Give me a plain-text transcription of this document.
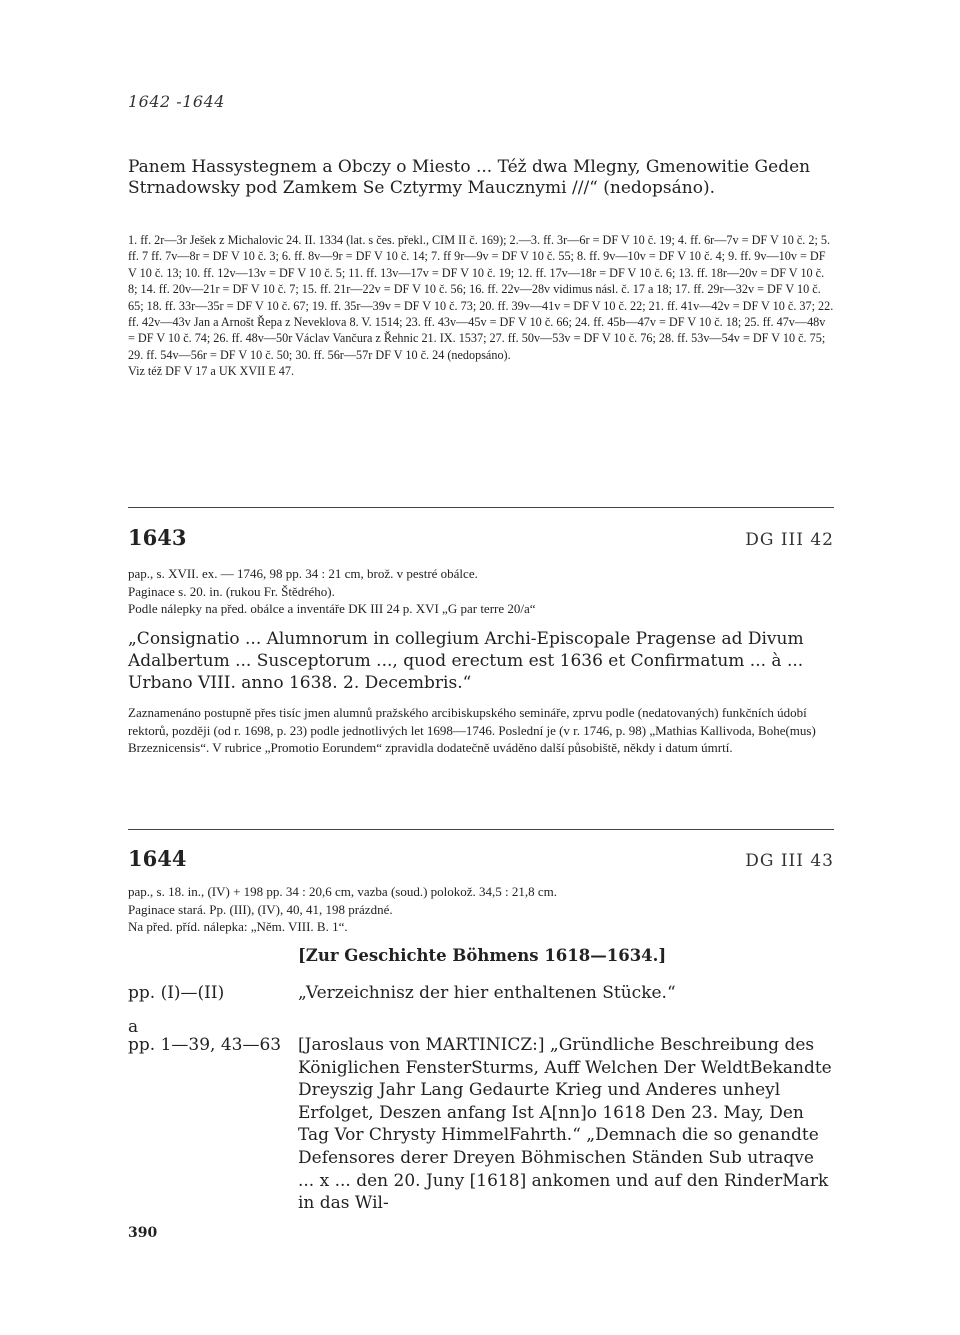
1642 -1644
Panem Hassystegnem a Obczy o Miesto ... Též dwa Mlegny, Gmenowitie Geden Strnadowsky pod Zamkem Se Cztyrmy Maucznymi ///“ (nedopsáno).
1. ff. 2r—3r Ješek z Michalovic 24. II. 1334 (lat. s čes. překl., CIM II č. 169); 2.—3. ff. 3r—6r = DF V 10 č. 19; 4. ff. 6r—7v = DF V 10 č. 2; 5. ff. 7 ff. 7v—8r = DF V 10 č. 3; 6. ff. 8v—9r = DF V 10 č. 14; 7. ff 9r—9v = DF V 10 č. 55; 8. ff. 9v—10v = DF V 10 č. 4; 9. ff. 9v—10v = DF V 10 č. 13; 10. ff. 12v—13v = DF V 10 č. 5; 11. ff. 13v—17v = DF V 10 č. 19; 12. ff. 17v—18r = DF V 10 č. 6; 13. ff. 18r—20v = DF V 10 č. 8; 14. ff. 20v—21r = DF V 10 č. 7; 15. ff. 21r—22v = DF V 10 č. 56; 16. ff. 22v—28v vidimus násl. č. 17 a 18; 17. ff. 29r—32v = DF V 10 č. 65; 18. ff. 33r—35r = DF V 10 č. 67; 19. ff. 35r—39v = DF V 10 č. 73; 20. ff. 39v—41v = DF V 10 č. 22; 21. ff. 41v—42v = DF V 10 č. 37; 22. ff. 42v—43v Jan a Arnošt Řepa z Neveklova 8. V. 1514; 23. ff. 43v—45v = DF V 10 č. 66; 24. ff. 45b—47v = DF V 10 č. 18; 25. ff. 47v—48v = DF V 10 č. 74; 26. ff. 48v—50r Václav Vančura z Řehnic 21. IX. 1537; 27. ff. 50v—53v = DF V 10 č. 76; 28. ff. 53v—54v = DF V 10 č. 75; 29. ff. 54v—56r = DF V 10 č. 50; 30. ff. 56r—57r DF V 10 č. 24 (nedopsáno).
Viz též DF V 17 a UK XVII E 47.
1643	DG III 42
pap., s. XVII. ex. — 1746, 98 pp. 34 : 21 cm, brož. v pestré obálce.
Paginace s. 20. in. (rukou Fr. Štědrého).
Podle nálepky na před. obálce a inventáře DK III 24 p. XVI „G par terre 20/a“
„Consignatio ... Alumnorum in collegium Archi-Episcopale Pragense ad Divum Adalbertum ... Susceptorum ..., quod erectum est 1636 et Confirmatum ... à ... Urbano VIII. anno 1638. 2. Decembris.“
Zaznamenáno postupně přes tisíc jmen alumnů pražského arcibiskupského semináře, zprvu podle (nedatovaných) funkčních údobí rektorů, později (od r. 1698, p. 23) podle jednotlivých let 1698—1746. Poslední je (v r. 1746, p. 98) „Mathias Kallivoda, Bohe(mus) Brzeznicensis“. V rubrice „Promotio Eorundem“ zpravidla dodatečně uváděno další působiště, někdy i datum úmrtí.
1644	DG III 43
pap., s. 18. in., (IV) + 198 pp. 34 : 20,6 cm, vazba (soud.) polokož. 34,5 : 21,8 cm.
Paginace stará. Pp. (III), (IV), 40, 41, 198 prázdné.
Na před. příd. nálepka: „Něm. VIII. B. 1“.
[Zur Geschichte Böhmens 1618—1634.]
pp. (I)—(II)	„Verzeichnisz der hier enthaltenen Stücke.“
a
pp. 1—39, 43—63 [Jaroslaus von MARTINICZ:] „Gründliche Beschreibung des Königlichen FensterSturms, Auff Welchen Der WeldtBekandte Dreyszig Jahr Lang Gedaurte Krieg und Anderes unheyl Erfolget, Deszen anfang Ist A[nn]o 1618 Den 23. May, Den Tag Vor Chrysty HimmelFahrth.“ „Demnach die so genandte Defensores derer Dreyen Böhmischen Ständen Sub utraqve ... x ... den 20. Juny [1618] ankomen und auf den RinderMark in das Wil-
390
